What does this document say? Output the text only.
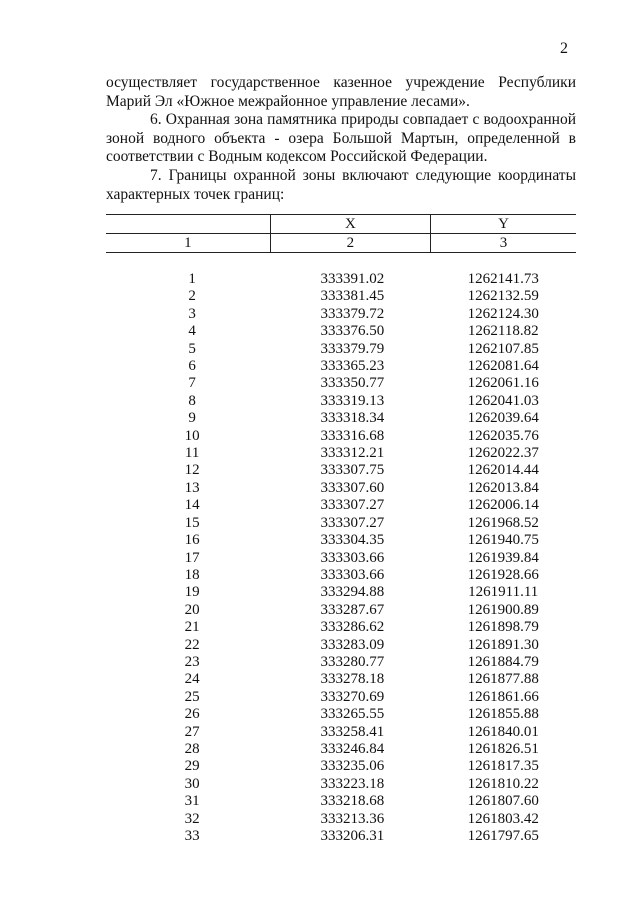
2

осуществляет государственное казенное учреждение Республики Марий Эл «Южное межрайонное управление лесами».

6. Охранная зона памятника природы совпадает с водоохранной зоной водного объекта - озера Большой Мартын, определенной в соответствии с Водным кодексом Российской Федерации.

7. Границы охранной зоны включают следующие координаты характерных точек границ:

	X	Y
1	2	3

1	333391.02	1262141.73
2	333381.45	1262132.59
3	333379.72	1262124.30
4	333376.50	1262118.82
5	333379.79	1262107.85
6	333365.23	1262081.64
7	333350.77	1262061.16
8	333319.13	1262041.03
9	333318.34	1262039.64
10	333316.68	1262035.76
11	333312.21	1262022.37
12	333307.75	1262014.44
13	333307.60	1262013.84
14	333307.27	1262006.14
15	333307.27	1261968.52
16	333304.35	1261940.75
17	333303.66	1261939.84
18	333303.66	1261928.66
19	333294.88	1261911.11
20	333287.67	1261900.89
21	333286.62	1261898.79
22	333283.09	1261891.30
23	333280.77	1261884.79
24	333278.18	1261877.88
25	333270.69	1261861.66
26	333265.55	1261855.88
27	333258.41	1261840.01
28	333246.84	1261826.51
29	333235.06	1261817.35
30	333223.18	1261810.22
31	333218.68	1261807.60
32	333213.36	1261803.42
33	333206.31	1261797.65
